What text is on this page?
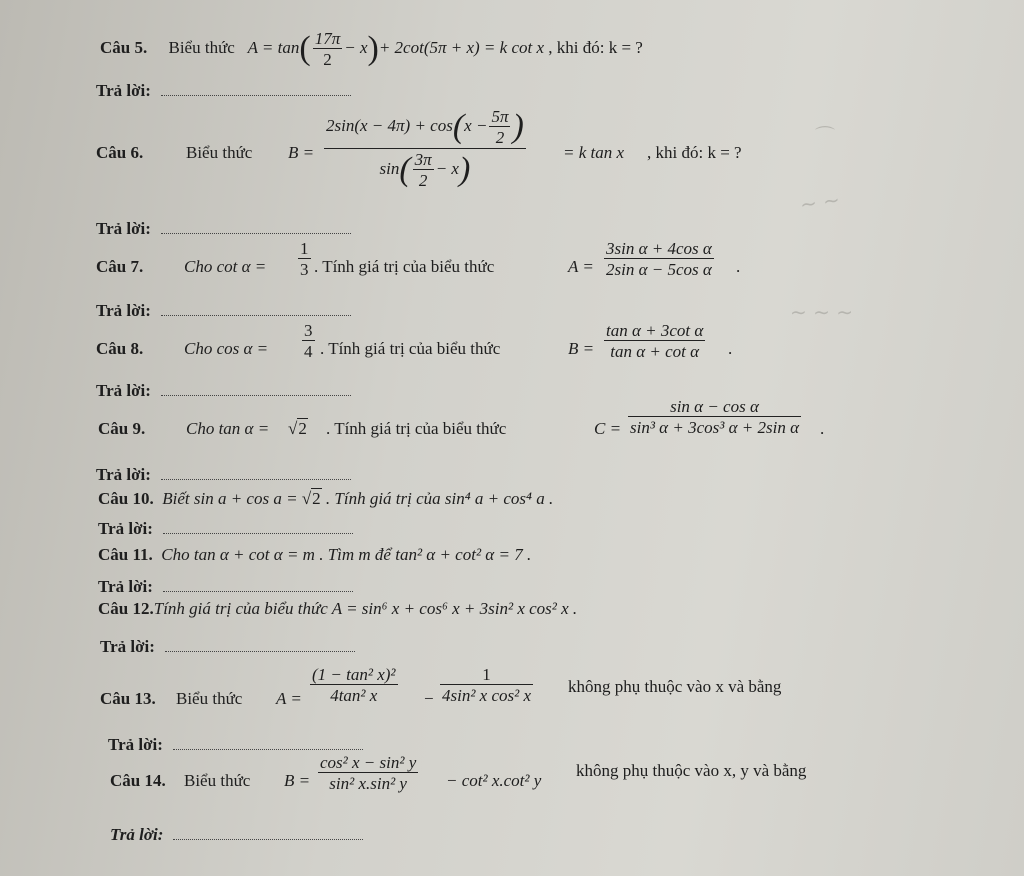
⌒
∼ ∼
∼ ∼ ∼
Câu 5. Biểu thức $A = \tan( \frac{17\pi}{2} - x)+ 2\cot(5\pi + x) = k$ cot x , khi đó: k = ?
Trả lời:
Câu 6.	Biểu thức $B = \frac{2\sin(x - 4\pi) + \cos(x - \frac{5\pi}{2} )}{\sin( \frac{3\pi}{2} - x)} = k$ tan x , khi đó: k = ?
Trả lời:
Câu 7. Cho $\cot \alpha = \frac{1}{3}$ . Tính giá trị của biểu thức	$A = \frac{\text{3sin α + 4cos α}}{\text{2sin α − 5cos α}}$ .
Trả lời:
Câu 8. Cho $\cos \alpha = \frac{3}{4}$ . Tính giá trị của biểu thức	$B = \frac{\text{tan α + 3cot α}}{\text{tan α + cot α}}$ .
Trả lời:
Câu 9. Cho tan α = √2 . Tính giá trị của biểu thức	$C = \frac{\text{sin α − cos α}}{\text{sin³ α + 3cos³ α + 2sin α}}$ .
Trả lời:
Câu 10. Biết sin a + cos a = √2 . Tính giá trị của sin⁴ a + cos⁴ a .
Trả lời:
Câu 11. Cho tan α + cot α = m . Tìm m để tan² α + cot² α = 7 .
Trả lời:
Câu 12.Tính giá trị của biểu thức A = sin⁶ x + cos⁶ x + 3sin² x cos² x .
Trả lời:
Câu 13. Biểu thức $A = \frac{\text{(1 − tan² x)²}}{\text{4tan² x}} - \frac{1}{\text{4sin² x cos² x}}$ không phụ thuộc vào x và bằng
Trả lời:
Câu 14. Biểu thức $B = \frac{\text{cos² x − sin² y}}{\text{sin² x.sin² y}} - \cot^2$ x.cot² y
không phụ thuộc vào x, y và bằng
Trả lời:
